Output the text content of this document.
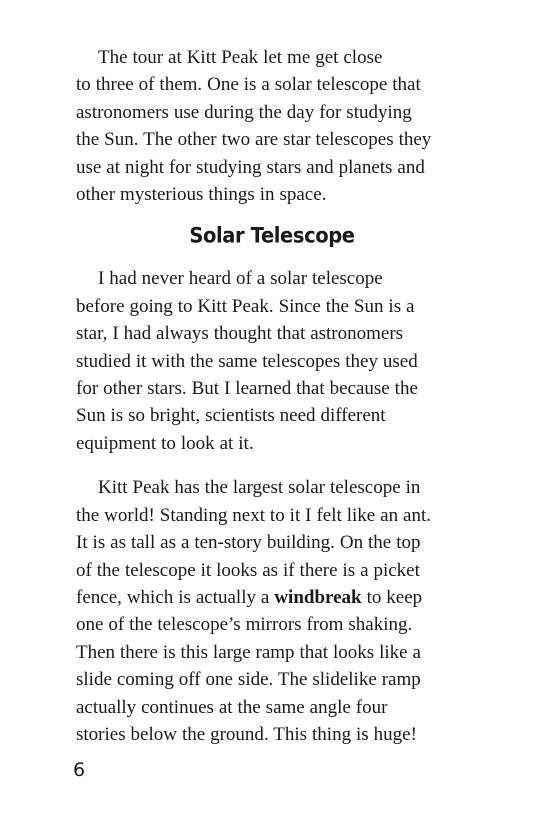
The tour at Kitt Peak let me get close
to three of them. One is a solar telescope that
astronomers use during the day for studying
the Sun. The other two are star telescopes they
use at night for studying stars and planets and
other mysterious things in space.

Solar Telescope

I had never heard of a solar telescope
before going to Kitt Peak. Since the Sun is a
star, I had always thought that astronomers
studied it with the same telescopes they used
for other stars. But I learned that because the
Sun is so bright, scientists need different
equipment to look at it.

Kitt Peak has the largest solar telescope in
the world! Standing next to it I felt like an ant.
It is as tall as a ten-story building. On the top
of the telescope it looks as if there is a picket
fence, which is actually a windbreak to keep
one of the telescope’s mirrors from shaking.
Then there is this large ramp that looks like a
slide coming off one side. The slidelike ramp
actually continues at the same angle four
stories below the ground. This thing is huge!

6
